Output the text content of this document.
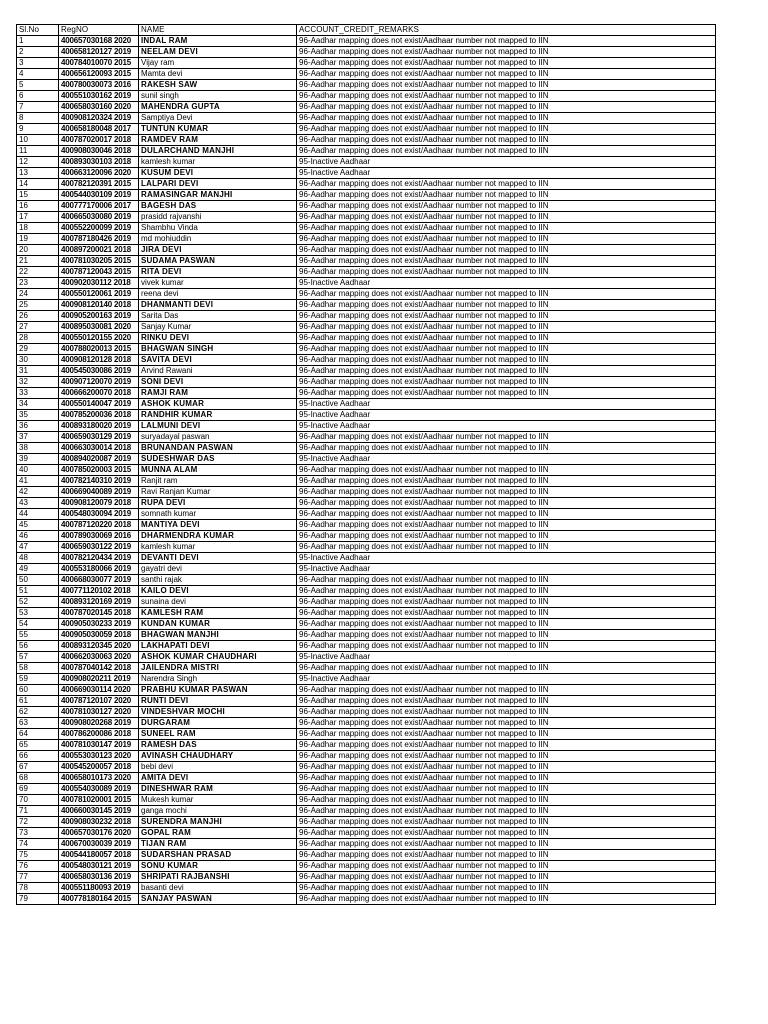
Sl.No	RegNO	NAME	ACCOUNT_CREDIT_REMARKS
1	400657030168 2020	INDAL RAM	96-Aadhar mapping does not exist/Aadhaar number not mapped to IIN
2	400658120127 2019	NEELAM DEVI	96-Aadhar mapping does not exist/Aadhaar number not mapped to IIN
3	400784010070 2015	Vijay ram	96-Aadhar mapping does not exist/Aadhaar number not mapped to IIN
4	400656120093 2015	Mamta devi	96-Aadhar mapping does not exist/Aadhaar number not mapped to IIN
5	400780030073 2016	RAKESH SAW	96-Aadhar mapping does not exist/Aadhaar number not mapped to IIN
6	400551030162 2019	sunil singh	96-Aadhar mapping does not exist/Aadhaar number not mapped to IIN
7	400658030160 2020	MAHENDRA GUPTA	96-Aadhar mapping does not exist/Aadhaar number not mapped to IIN
8	400908120324 2019	Samptiya Devi	96-Aadhar mapping does not exist/Aadhaar number not mapped to IIN
9	400658180048 2017	TUNTUN KUMAR	96-Aadhar mapping does not exist/Aadhaar number not mapped to IIN
10	400787020017 2018	RAMDEV RAM	96-Aadhar mapping does not exist/Aadhaar number not mapped to IIN
11	400908030046 2018	DULARCHAND MANJHI	96-Aadhar mapping does not exist/Aadhaar number not mapped to IIN
12	400893030103 2018	kamlesh kumar	95-Inactive Aadhaar
13	400663120096 2020	KUSUM DEVI	95-Inactive Aadhaar
14	400782120391 2015	LALPARI DEVI	96-Aadhar mapping does not exist/Aadhaar number not mapped to IIN
15	400544030109 2019	RAMASINGAR MANJHI	96-Aadhar mapping does not exist/Aadhaar number not mapped to IIN
16	400777170006 2017	BAGESH DAS	96-Aadhar mapping does not exist/Aadhaar number not mapped to IIN
17	400665030080 2019	prasidd rajvanshi	96-Aadhar mapping does not exist/Aadhaar number not mapped to IIN
18	400552200099 2019	Shambhu Vinda	96-Aadhar mapping does not exist/Aadhaar number not mapped to IIN
19	400787180426 2019	md mohiuddin	96-Aadhar mapping does not exist/Aadhaar number not mapped to IIN
20	400897200021 2018	JIRA DEVI	96-Aadhar mapping does not exist/Aadhaar number not mapped to IIN
21	400781030205 2015	SUDAMA PASWAN	96-Aadhar mapping does not exist/Aadhaar number not mapped to IIN
22	400787120043 2015	RITA DEVI	96-Aadhar mapping does not exist/Aadhaar number not mapped to IIN
23	400902030112 2018	vivek kumar	95-Inactive Aadhaar
24	400550120061 2019	reena devi	96-Aadhar mapping does not exist/Aadhaar number not mapped to IIN
25	400908120140 2018	DHANMANTI DEVI	96-Aadhar mapping does not exist/Aadhaar number not mapped to IIN
26	400905200163 2019	Sarita Das	96-Aadhar mapping does not exist/Aadhaar number not mapped to IIN
27	400895030081 2020	Sanjay Kumar	96-Aadhar mapping does not exist/Aadhaar number not mapped to IIN
28	400550120155 2020	RINKU DEVI	96-Aadhar mapping does not exist/Aadhaar number not mapped to IIN
29	400788020013 2015	BHAGWAN SINGH	96-Aadhar mapping does not exist/Aadhaar number not mapped to IIN
30	400908120128 2018	SAVITA DEVI	96-Aadhar mapping does not exist/Aadhaar number not mapped to IIN
31	400545030086 2019	Arvind Rawani	96-Aadhar mapping does not exist/Aadhaar number not mapped to IIN
32	400907120070 2019	SONI DEVI	96-Aadhar mapping does not exist/Aadhaar number not mapped to IIN
33	400666200070 2018	RAMJI RAM	96-Aadhar mapping does not exist/Aadhaar number not mapped to IIN
34	400550140047 2019	ASHOK KUMAR	95-Inactive Aadhaar
35	400785200036 2018	RANDHIR KUMAR	95-Inactive Aadhaar
36	400893180020 2019	LALMUNI DEVI	95-Inactive Aadhaar
37	400659030129 2019	suryadayal paswan	96-Aadhar mapping does not exist/Aadhaar number not mapped to IIN
38	400663030014 2018	BRUNANDAN PASWAN	96-Aadhar mapping does not exist/Aadhaar number not mapped to IIN
39	400894020087 2019	SUDESHWAR DAS	95-Inactive Aadhaar
40	400785020003 2015	MUNNA ALAM	96-Aadhar mapping does not exist/Aadhaar number not mapped to IIN
41	400782140310 2019	Ranjit ram	96-Aadhar mapping does not exist/Aadhaar number not mapped to IIN
42	400669040089 2019	Ravi Ranjan Kumar	96-Aadhar mapping does not exist/Aadhaar number not mapped to IIN
43	400908120079 2018	RUPA DEVI	96-Aadhar mapping does not exist/Aadhaar number not mapped to IIN
44	400548030094 2019	somnath kumar	96-Aadhar mapping does not exist/Aadhaar number not mapped to IIN
45	400787120220 2018	MANTIYA DEVI	96-Aadhar mapping does not exist/Aadhaar number not mapped to IIN
46	400789030069 2016	DHARMENDRA KUMAR	96-Aadhar mapping does not exist/Aadhaar number not mapped to IIN
47	400659030122 2019	kamlesh kumar	96-Aadhar mapping does not exist/Aadhaar number not mapped to IIN
48	400782120434 2019	DEVANTI DEVI	95-Inactive Aadhaar
49	400553180066 2019	gayatri devi	95-Inactive Aadhaar
50	400668030077 2019	santhi rajak	96-Aadhar mapping does not exist/Aadhaar number not mapped to IIN
51	400771120102 2018	KAILO DEVI	96-Aadhar mapping does not exist/Aadhaar number not mapped to IIN
52	400893120169 2019	sunaina devi	96-Aadhar mapping does not exist/Aadhaar number not mapped to IIN
53	400787020145 2018	KAMLESH RAM	96-Aadhar mapping does not exist/Aadhaar number not mapped to IIN
54	400905030233 2019	KUNDAN KUMAR	96-Aadhar mapping does not exist/Aadhaar number not mapped to IIN
55	400905030059 2018	BHAGWAN MANJHI	96-Aadhar mapping does not exist/Aadhaar number not mapped to IIN
56	400893120345 2020	LAKHAPATI DEVI	96-Aadhar mapping does not exist/Aadhaar number not mapped to IIN
57	400662030063 2020	ASHOK KUMAR CHAUDHARI	95-Inactive Aadhaar
58	400787040142 2018	JAILENDRA MISTRI	96-Aadhar mapping does not exist/Aadhaar number not mapped to IIN
59	400908020211 2019	Narendra Singh	95-Inactive Aadhaar
60	400669030114 2020	PRABHU KUMAR PASWAN	96-Aadhar mapping does not exist/Aadhaar number not mapped to IIN
61	400787120107 2020	RUNTI DEVI	96-Aadhar mapping does not exist/Aadhaar number not mapped to IIN
62	400781030127 2020	VINDESHVAR MOCHI	96-Aadhar mapping does not exist/Aadhaar number not mapped to IIN
63	400908020268 2019	DURGARAM	96-Aadhar mapping does not exist/Aadhaar number not mapped to IIN
64	400786200086 2018	SUNEEL RAM	96-Aadhar mapping does not exist/Aadhaar number not mapped to IIN
65	400781030147 2019	RAMESH DAS	96-Aadhar mapping does not exist/Aadhaar number not mapped to IIN
66	400553030123 2020	AVINASH CHAUDHARY	96-Aadhar mapping does not exist/Aadhaar number not mapped to IIN
67	400545200057 2018	bebi devi	96-Aadhar mapping does not exist/Aadhaar number not mapped to IIN
68	400658010173 2020	AMITA DEVI	96-Aadhar mapping does not exist/Aadhaar number not mapped to IIN
69	400554030089 2019	DINESHWAR RAM	96-Aadhar mapping does not exist/Aadhaar number not mapped to IIN
70	400781020001 2015	Mukesh kumar	96-Aadhar mapping does not exist/Aadhaar number not mapped to IIN
71	400660030145 2019	ganga mochi	96-Aadhar mapping does not exist/Aadhaar number not mapped to IIN
72	400908030232 2018	SURENDRA MANJHI	96-Aadhar mapping does not exist/Aadhaar number not mapped to IIN
73	400657030176 2020	GOPAL RAM	96-Aadhar mapping does not exist/Aadhaar number not mapped to IIN
74	400670030039 2019	TIJAN RAM	96-Aadhar mapping does not exist/Aadhaar number not mapped to IIN
75	400544180057 2018	SUDARSHAN PRASAD	96-Aadhar mapping does not exist/Aadhaar number not mapped to IIN
76	400548030121 2019	SONU KUMAR	96-Aadhar mapping does not exist/Aadhaar number not mapped to IIN
77	400658030136 2019	SHRIPATI RAJBANSHI	96-Aadhar mapping does not exist/Aadhaar number not mapped to IIN
78	400551180093 2019	basanti devi	96-Aadhar mapping does not exist/Aadhaar number not mapped to IIN
79	400778180164 2015	SANJAY PASWAN	96-Aadhar mapping does not exist/Aadhaar number not mapped to IIN
